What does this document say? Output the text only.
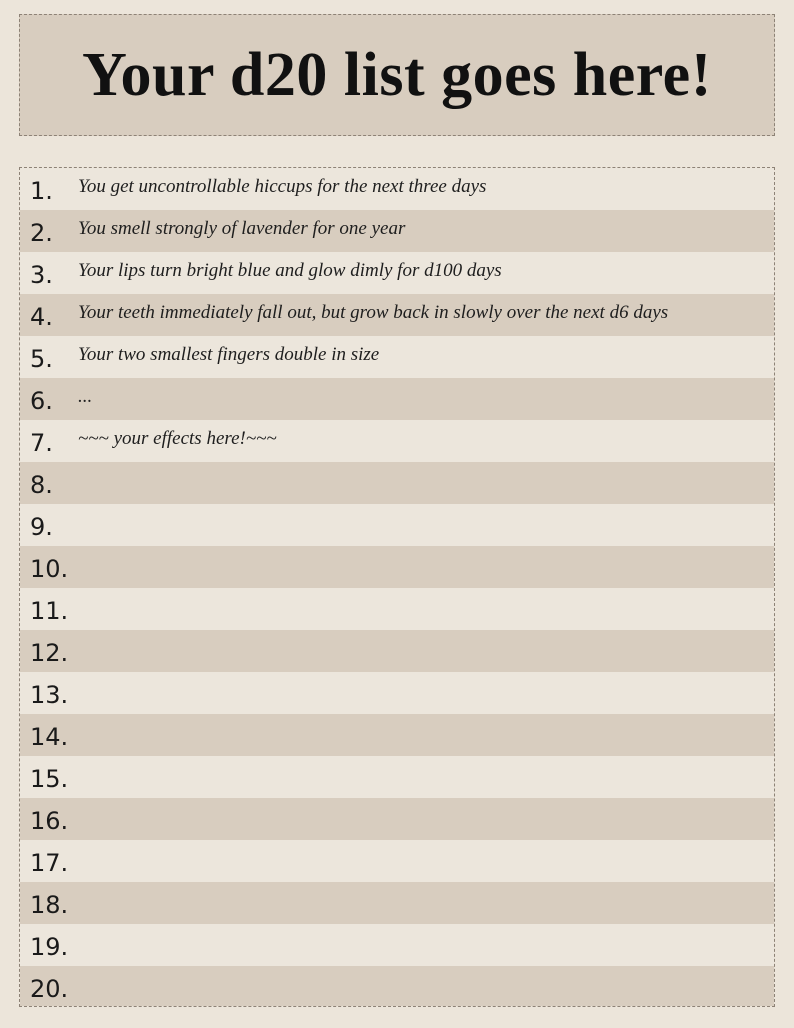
Your d20 list goes here!
1.	You get uncontrollable hiccups for the next three days
2.	You smell strongly of lavender for one year
3.	Your lips turn bright blue and glow dimly for d100 days
4.	Your teeth immediately fall out, but grow back in slowly over the next d6 days
5.	Your two smallest fingers double in size
6.	...
7.	~~~ your effects here!~~~
8.
9.
10.
11.
12.
13.
14.
15.
16.
17.
18.
19.
20.
